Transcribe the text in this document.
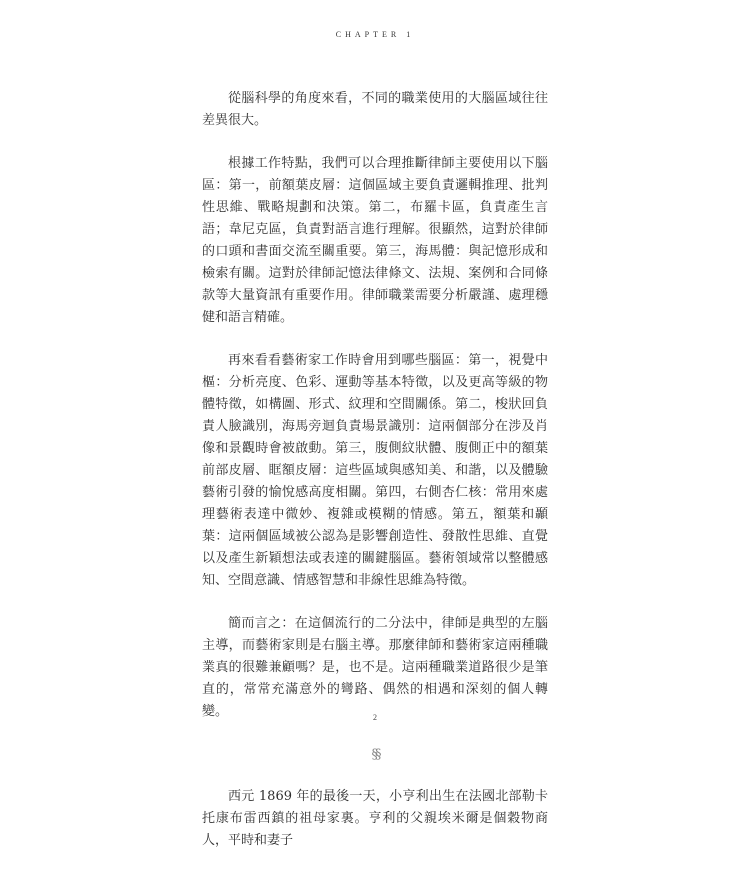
CHAPTER 1

從腦科學的角度來看，不同的職業使用的大腦區域往往差異很大。

根據工作特點，我們可以合理推斷律師主要使用以下腦區：第一，前額葉皮層：這個區域主要負責邏輯推理、批判性思維、戰略規劃和決策。第二，布羅卡區，負責產生言語；韋尼克區，負責對語言進行理解。很顯然，這對於律師的口頭和書面交流至關重要。第三，海馬體：與記憶形成和檢索有關。這對於律師記憶法律條文、法規、案例和合同條款等大量資訊有重要作用。律師職業需要分析嚴謹、處理穩健和語言精確。

再來看看藝術家工作時會用到哪些腦區：第一，視覺中樞：分析亮度、色彩、運動等基本特徵，以及更高等級的物體特徵，如構圖、形式、紋理和空間關係。第二，梭狀回負責人臉識別，海馬旁迴負責場景識別：這兩個部分在涉及肖像和景觀時會被啟動。第三，腹側紋狀體、腹側正中的額葉前部皮層、眶額皮層：這些區域與感知美、和諧，以及體驗藝術引發的愉悅感高度相關。第四，右側杏仁核：常用來處理藝術表達中微妙、複雜或模糊的情感。第五，額葉和顳葉：這兩個區域被公認為是影響創造性、發散性思維、直覺以及產生新穎想法或表達的關鍵腦區。藝術領域常以整體感知、空間意識、情感智慧和非線性思維為特徵。

簡而言之：在這個流行的二分法中，律師是典型的左腦主導，而藝術家則是右腦主導。那麼律師和藝術家這兩種職業真的很難兼顧嗎？是，也不是。這兩種職業道路很少是筆直的，常常充滿意外的彎路、偶然的相遇和深刻的個人轉變。

§§

西元 1869 年的最後一天，小亨利出生在法國北部勒卡托康布雷西鎮的祖母家裏。亨利的父親埃米爾是個穀物商人，平時和妻子

2
